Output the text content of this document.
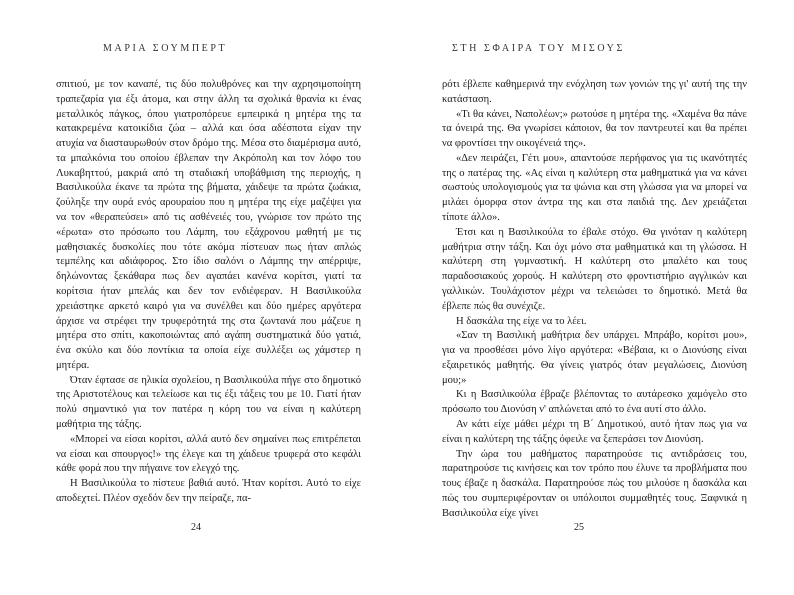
ΜΑΡΙΑ ΣΟΥΜΠΕΡΤ

σπιτιού, με τον καναπέ, τις δύο πολυθρόνες και την αχρησιμοποίητη τραπεζαρία για έξι άτομα, και στην άλλη τα σχολικά θρανία κι ένας μεταλλικός πάγκος, όπου γιατροπόρευε εμπειρικά η μητέρα της τα κατακρεμένα κατοικίδια ζώα – αλλά και όσα αδέσποτα είχαν την ατυχία να διασταυρωθούν στον δρόμο της. Μέσα στο διαμέρισμα αυτό, τα μπαλκόνια του οποίου έβλεπαν την Ακρόπολη και τον λόφο του Λυκαβηττού, μακριά από τη σταδιακή υποβάθμιση της περιοχής, η Βασιλικούλα έκανε τα πρώτα της βήματα, χάιδεψε τα πρώτα ζωάκια, ζούληξε την ουρά ενός αρουραίου που η μητέρα της είχε μαζέψει για να τον «θεραπεύσει» από τις ασθένειές του, γνώρισε τον πρώτο της «έρωτα» στο πρόσωπο του Λάμπη, του εξάχρονου μαθητή με τις μαθησιακές δυσκολίες που τότε ακόμα πίστευαν πως ήταν απλώς τεμπέλης και αδιάφορος. Στο ίδιο σαλόνι ο Λάμπης την απέρριψε, δηλώνοντας ξεκάθαρα πως δεν αγαπάει κανένα κορίτσι, γιατί τα κορίτσια ήταν μπελάς και δεν τον ενδιέφεραν. Η Βασιλικούλα χρειάστηκε αρκετό καιρό για να συνέλθει και δύο ημέρες αργότερα άρχισε να στρέφει την τρυφερότητά της στα ζωντανά που μάζευε η μητέρα στο σπίτι, κακοποιώντας από αγάπη συστηματικά δύο γατιά, ένα σκύλο και δύο ποντίκια τα οποία είχε συλλέξει ως χάμστερ η μητέρα.

Όταν έφτασε σε ηλικία σχολείου, η Βασιλικούλα πήγε στο δημοτικό της Αριστοτέλους και τελείωσε και τις έξι τάξεις του με 10. Γιατί ήταν πολύ σημαντικό για τον πατέρα η κόρη του να είναι η καλύτερη μαθήτρια της τάξης.

«Μπορεί να είσαι κορίτσι, αλλά αυτό δεν σημαίνει πως επιτρέπεται να είσαι και σπουργος!» της έλεγε και τη χάιδευε τρυφερά στο κεφάλι κάθε φορά που την πήγαινε τον ελεγχό της.

Η Βασιλικούλα το πίστευε βαθιά αυτό. Ήταν κορίτσι. Αυτό το είχε αποδεχτεί. Πλέον σχεδόν δεν την πείραζε, πα-

24
ΣΤΗ ΣΦΑΙΡΑ ΤΟΥ ΜΙΣΟΥΣ

ρότι έβλεπε καθημερινά την ενόχληση των γονιών της γι' αυτή της την κατάσταση.

«Τι θα κάνει, Ναπολέων;» ρωτούσε η μητέρα της. «Χαμένα θα πάνε τα όνειρά της. Θα γνωρίσει κάποιον, θα τον παντρευτεί και θα πρέπει να φροντίσει την οικογένειά της».

«Δεν πειράζει, Γέτι μου», απαντούσε περήφανος για τις ικανότητές της ο πατέρας της. «Ας είναι η καλύτερη στα μαθηματικά για να κάνει σωστούς υπολογισμούς για τα ψώνια και στη γλώσσα για να μπορεί να μιλάει όμορφα στον άντρα της και στα παιδιά της. Δεν χρειάζεται τίποτε άλλο».

Έτσι και η Βασιλικούλα το έβαλε στόχο. Θα γινόταν η καλύτερη μαθήτρια στην τάξη. Και όχι μόνο στα μαθηματικά και τη γλώσσα. Η καλύτερη στη γυμναστική. Η καλύτερη στο μπαλέτο και τους παραδοσιακούς χορούς. Η καλύτερη στο φροντιστήριο αγγλικών και γαλλικών. Τουλάχιστον μέχρι να τελειώσει το δημοτικό. Μετά θα έβλεπε πώς θα συνέχιζε.

Η δασκάλα της είχε να το λέει.

«Σαν τη Βασιλική μαθήτρια δεν υπάρχει. Μπράβο, κορίτσι μου», για να προσθέσει μόνο λίγο αργότερα: «Βέβαια, κι ο Διονύσης είναι εξαιρετικός μαθητής. Θα γίνεις γιατρός όταν μεγαλώσεις, Διονύση μου;»

Κι η Βασιλικούλα έβραζε βλέποντας το αυτάρεσκο χαμόγελο στο πρόσωπο του Διονύση ν' απλώνεται από το ένα αυτί στο άλλο.

Αν κάτι είχε μάθει μέχρι τη Β΄ Δημοτικού, αυτό ήταν πως για να είναι η καλύτερη της τάξης όφειλε να ξεπεράσει τον Διονύση.

Την ώρα του μαθήματος παρατηρούσε τις αντιδράσεις του, παρατηρούσε τις κινήσεις και τον τρόπο που έλυνε τα προβλήματα που τους έβαζε η δασκάλα. Παρατηρούσε πώς του μιλούσε η δασκάλα και πώς του συμπεριφέρονταν οι υπόλοιποι συμμαθητές τους. Ξαφνικά η Βασιλικούλα είχε γίνει

25
